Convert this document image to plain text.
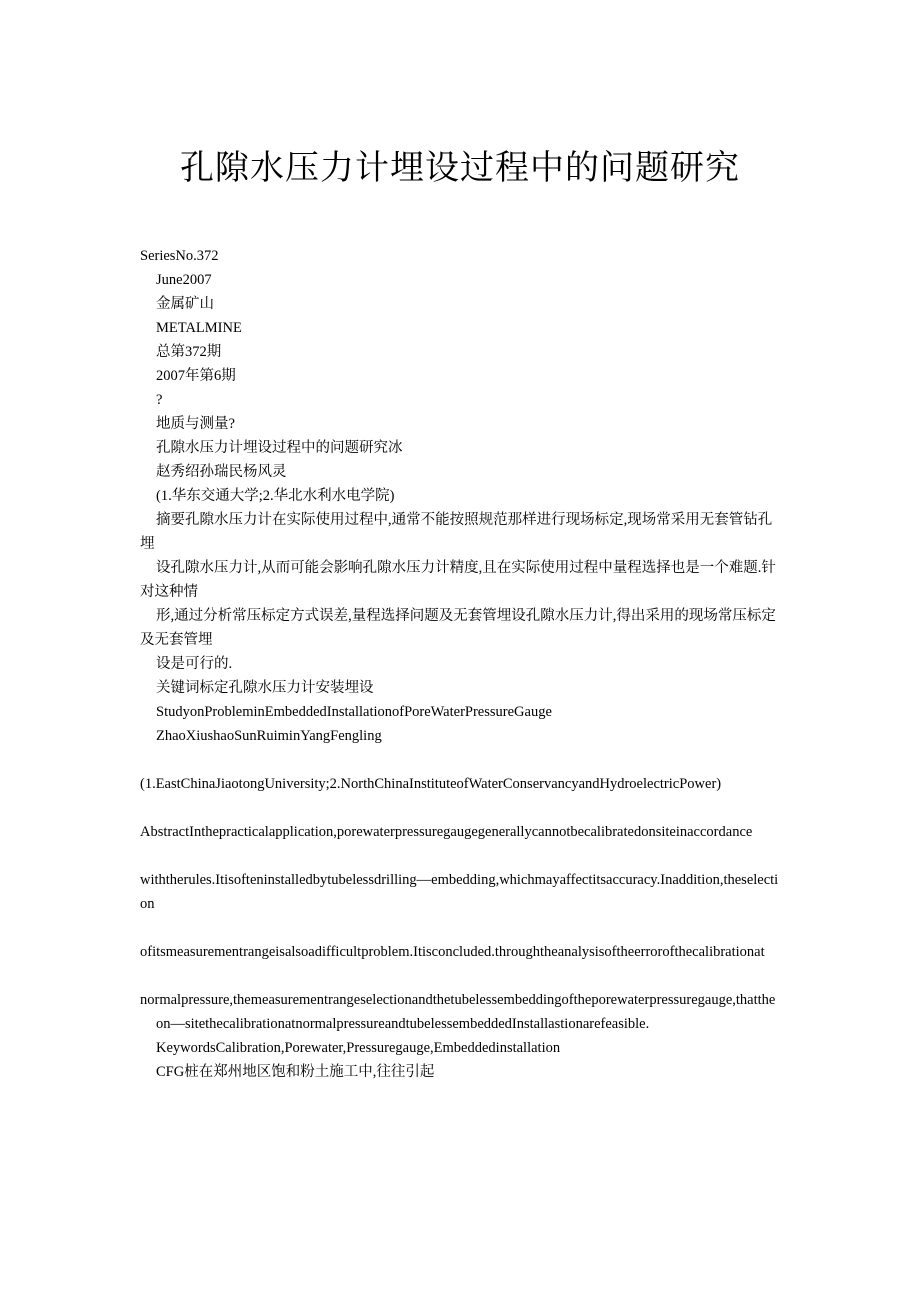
孔隙水压力计埋设过程中的问题研究

SeriesNo.372

June2007

金属矿山

METALMINE

总第372期

2007年第6期

?

地质与测量?

孔隙水压力计埋设过程中的问题研究冰

赵秀绍孙瑞民杨风灵

(1.华东交通大学;2.华北水利水电学院)

摘要孔隙水压力计在实际使用过程中,通常不能按照规范那样进行现场标定,现场常采用无套管钻孔埋

设孔隙水压力计,从而可能会影响孔隙水压力计精度,且在实际使用过程中量程选择也是一个难题.针对这种情

形,通过分析常压标定方式误差,量程选择问题及无套管埋设孔隙水压力计,得出采用的现场常压标定及无套管埋

设是可行的.

关键词标定孔隙水压力计安装埋设

StudyonProbleminEmbeddedInstallationofPoreWaterPressureGauge

ZhaoXiushaoSunRuiminYangFengling

(1.EastChinaJiaotongUniversity;2.NorthChinaInstituteofWaterConservancyandHydroelectricPower)

AbstractInthepracticalapplication,porewaterpressuregaugegenerallycannotbecalibratedonsiteinaccordance

withtherules.Itisofteninstalledbytubelessdrilling—embedding,whichmayaffectitsaccuracy.Inaddition,theselection

ofitsmeasurementrangeisalsoadifficultproblem.Itisconcluded.throughtheanalysisoftheerrorofthecalibrationat

normalpressure,themeasurementrangeselectionandthetubelessembeddingoftheporewaterpressuregauge,thatthe

on—sitethecalibrationatnormalpressureandtubelessembeddedInstallastionarefeasible.

KeywordsCalibration,Porewater,Pressuregauge,Embeddedinstallation

CFG桩在郑州地区饱和粉土施工中,往往引起
